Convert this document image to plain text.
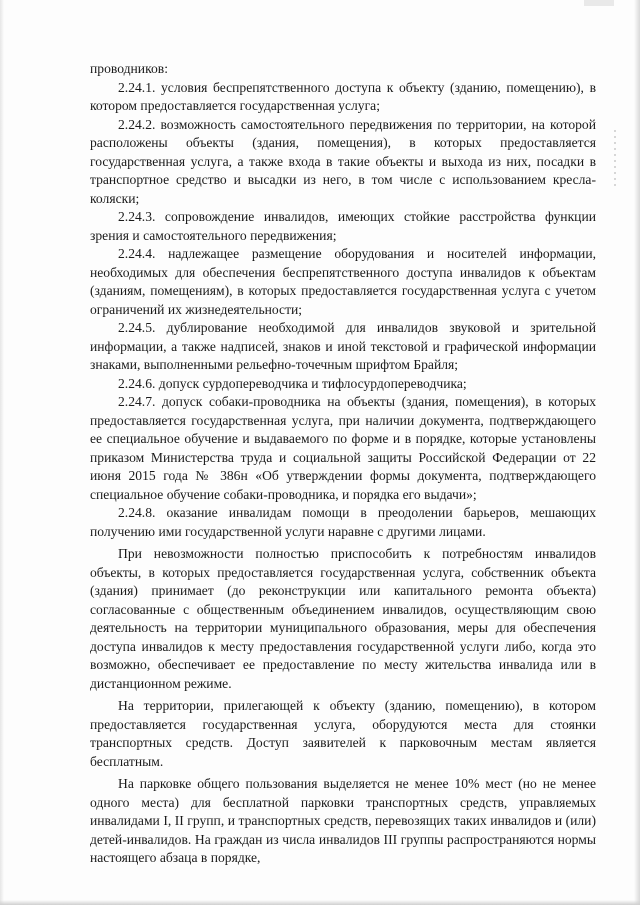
проводников:

2.24.1. условия беспрепятственного доступа к объекту (зданию, помещению), в котором предоставляется государственная услуга;

2.24.2. возможность самостоятельного передвижения по территории, на которой расположены объекты (здания, помещения), в которых предоставляется государственная услуга, а также входа в такие объекты и выхода из них, посадки в транспортное средство и высадки из него, в том числе с использованием кресла-коляски;

2.24.3. сопровождение инвалидов, имеющих стойкие расстройства функции зрения и самостоятельного передвижения;

2.24.4. надлежащее размещение оборудования и носителей информации, необходимых для обеспечения беспрепятственного доступа инвалидов к объектам (зданиям, помещениям), в которых предоставляется государственная услуга с учетом ограничений их жизнедеятельности;

2.24.5. дублирование необходимой для инвалидов звуковой и зрительной информации, а также надписей, знаков и иной текстовой и графической информации знаками, выполненными рельефно-точечным шрифтом Брайля;

2.24.6. допуск сурдопереводчика и тифлосурдопереводчика;

2.24.7. допуск собаки-проводника на объекты (здания, помещения), в которых предоставляется государственная услуга, при наличии документа, подтверждающего ее специальное обучение и выдаваемого по форме и в порядке, которые установлены приказом Министерства труда и социальной защиты Российской Федерации от 22 июня 2015 года № 386н «Об утверждении формы документа, подтверждающего специальное обучение собаки-проводника, и порядка его выдачи»;

2.24.8. оказание инвалидам помощи в преодолении барьеров, мешающих получению ими государственной услуги наравне с другими лицами.

При невозможности полностью приспособить к потребностям инвалидов объекты, в которых предоставляется государственная услуга, собственник объекта (здания) принимает (до реконструкции или капитального ремонта объекта) согласованные с общественным объединением инвалидов, осуществляющим свою деятельность на территории муниципального образования, меры для обеспечения доступа инвалидов к месту предоставления государственной услуги либо, когда это возможно, обеспечивает ее предоставление по месту жительства инвалида или в дистанционном режиме.

На территории, прилегающей к объекту (зданию, помещению), в котором предоставляется государственная услуга, оборудуются места для стоянки транспортных средств. Доступ заявителей к парковочным местам является бесплатным.

На парковке общего пользования выделяется не менее 10% мест (но не менее одного места) для бесплатной парковки транспортных средств, управляемых инвалидами I, II групп, и транспортных средств, перевозящих таких инвалидов и (или) детей-инвалидов. На граждан из числа инвалидов III группы распространяются нормы настоящего абзаца в порядке,
